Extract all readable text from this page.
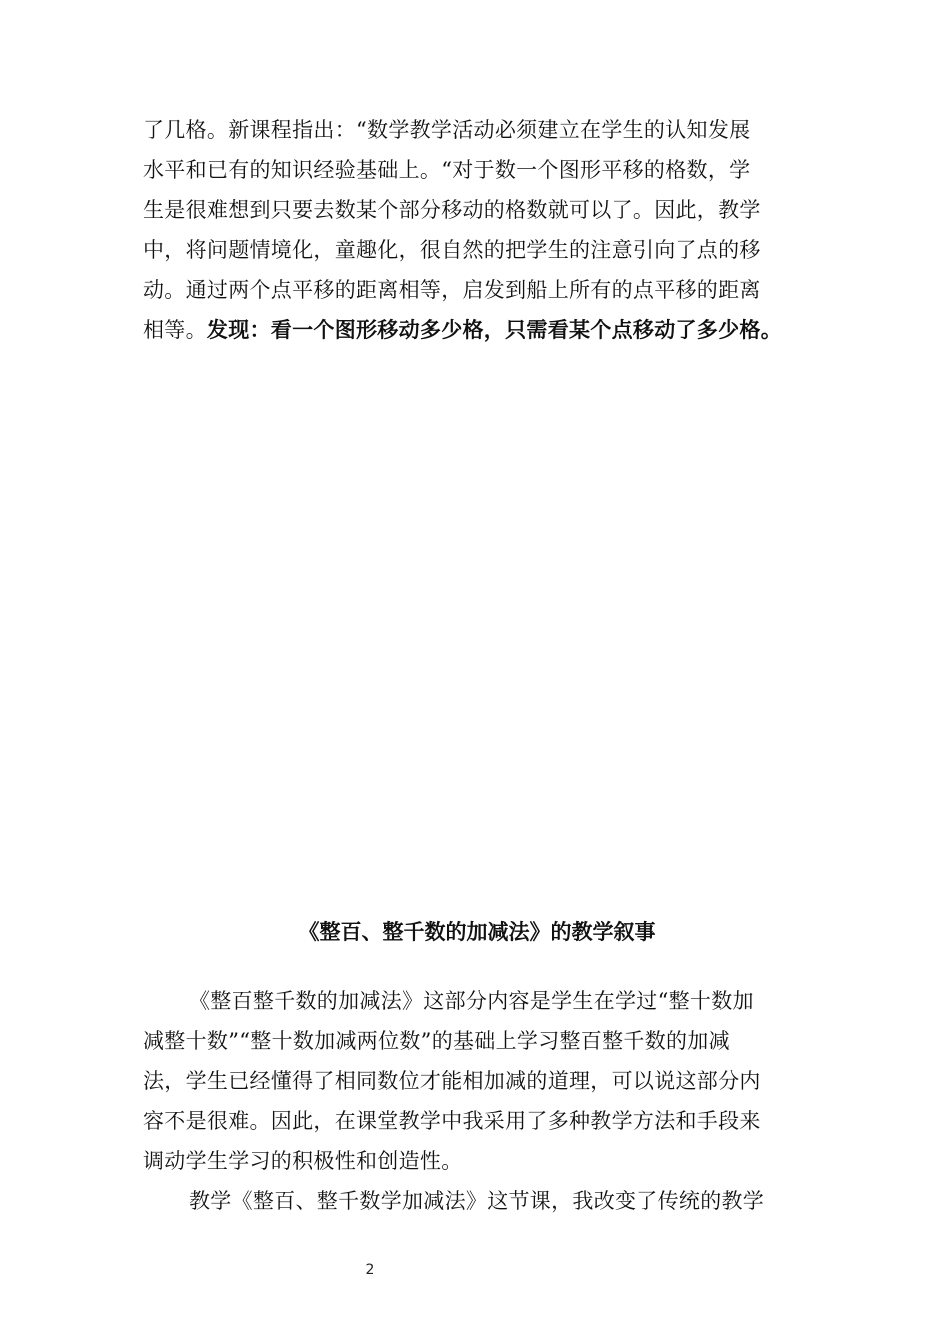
了几格。新课程指出：“数学教学活动必须建立在学生的认知发展
水平和已有的知识经验基础上。“对于数一个图形平移的格数，学
生是很难想到只要去数某个部分移动的格数就可以了。因此，教学
中，将问题情境化，童趣化，很自然的把学生的注意引向了点的移
动。通过两个点平移的距离相等，启发到船上所有的点平移的距离
相等。发现：看一个图形移动多少格，只需看某个点移动了多少格。
《整百、整千数的加减法》的教学叙事
《整百整千数的加减法》这部分内容是学生在学过“整十数加
减整十数”“整十数加减两位数”的基础上学习整百整千数的加减
法，学生已经懂得了相同数位才能相加减的道理，可以说这部分内
容不是很难。因此，在课堂教学中我采用了多种教学方法和手段来
调动学生学习的积极性和创造性。
教学《整百、整千数学加减法》这节课，我改变了传统的教学
2
